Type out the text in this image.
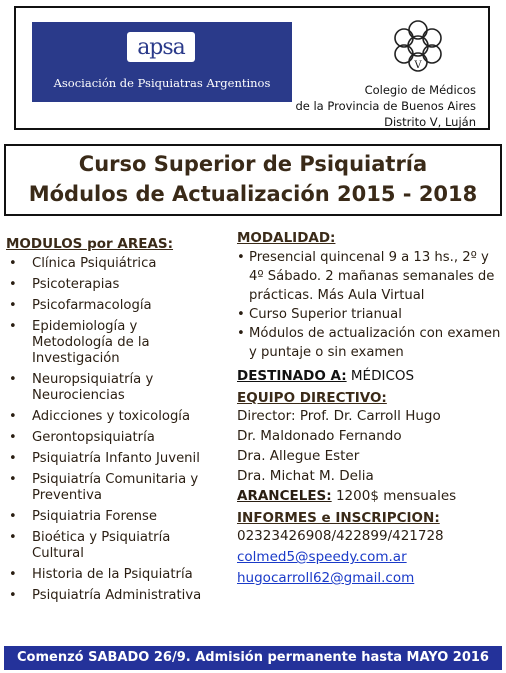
apsa
Asociación de Psiquiatras Argentinos
V
Colegio de Médicos
de la Provincia de Buenos Aires
Distrito V, Luján
Curso Superior de Psiquiatría
Módulos de Actualización 2015 - 2018
MODULOS por AREAS:
• Clínica Psiquiátrica
• Psicoterapias
• Psicofarmacología
• Epidemiología y Metodología de la Investigación
• Neuropsiquiatría y Neurociencias
• Adicciones y toxicología
• Gerontopsiquiatría
• Psiquiatría Infanto Juvenil
• Psiquiatría Comunitaria y Preventiva
• Psiquiatria Forense
• Bioética y Psiquiatría Cultural
• Historia de la Psiquiatría
• Psiquiatría Administrativa
MODALIDAD:
• Presencial quincenal 9 a 13 hs., 2º y 4º Sábado. 2 mañanas semanales de prácticas. Más Aula Virtual
• Curso Superior trianual
• Módulos de actualización con examen y puntaje o sin examen
DESTINADO A: MÉDICOS
EQUIPO DIRECTIVO:
Director: Prof. Dr. Carroll Hugo
Dr. Maldonado Fernando
Dra. Allegue Ester
Dra. Michat M. Delia
ARANCELES: 1200$ mensuales
INFORMES e INSCRIPCION:
02323426908/422899/421728
colmed5@speedy.com.ar
hugocarroll62@gmail.com
Comenzó SABADO 26/9. Admisión permanente hasta MAYO 2016
